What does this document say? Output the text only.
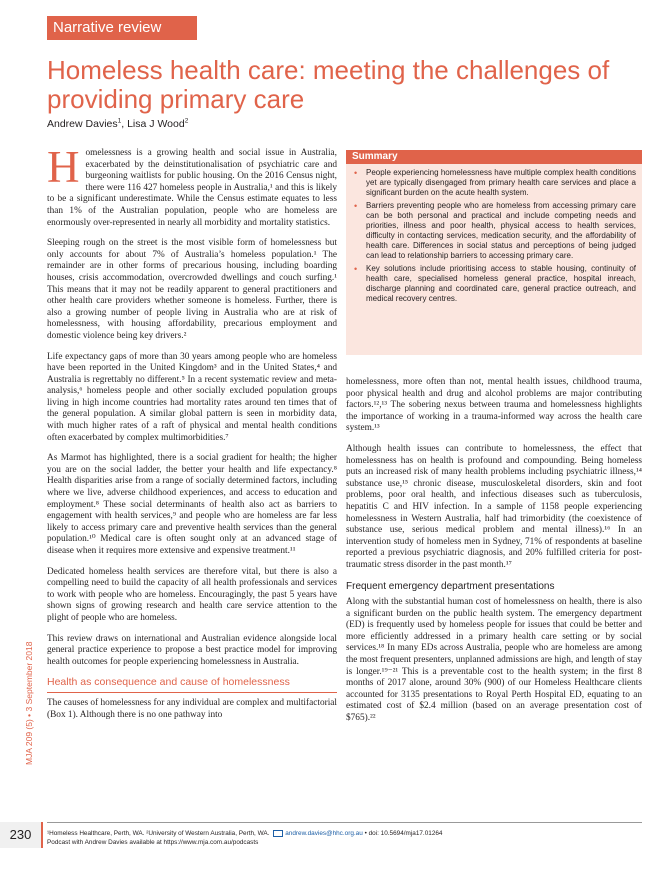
Narrative review
Homeless health care: meeting the challenges of providing primary care
Andrew Davies$^1$, Lisa J Wood$^2$

Homelessness is a growing health and social issue in Australia, exacerbated by the deinstitutionalisation of psychiatric care and burgeoning waitlists for public housing. On the 2016 Census night, there were 116 427 homeless people in Australia,¹ and this is likely to be a significant underestimate. While the Census estimate equates to less than 1% of the Australian population, people who are homeless are enormously over-represented in nearly all morbidity and mortality statistics.

Sleeping rough on the street is the most visible form of homelessness but only accounts for about 7% of Australia’s homeless population.¹ The remainder are in other forms of precarious housing, including boarding houses, crisis accommodation, overcrowded dwellings and couch surfing.¹ This means that it may not be readily apparent to general practitioners and other health care providers whether someone is homeless. Further, there is also a growing number of people living in Australia who are at risk of homelessness, with housing affordability, precarious employment and domestic violence being key drivers.²

Life expectancy gaps of more than 30 years among people who are homeless have been reported in the United Kingdom³ and in the United States,⁴ and Australia is regrettably no different.⁵ In a recent systematic review and meta-analysis,⁶ homeless people and other socially excluded population groups living in high income countries had mortality rates around ten times that of the general population. A similar global pattern is seen in morbidity data, with much higher rates of a raft of physical and mental health conditions often exacerbated by complex multimorbidities.⁷

As Marmot has highlighted, there is a social gradient for health; the higher you are on the social ladder, the better your health and life expectancy.⁸ Health disparities arise from a range of socially determined factors, including where we live, adverse childhood experiences, and access to education and employment.⁸ These social determinants of health also act as barriers to engagement with health services,⁹ and people who are homeless are far less likely to access primary care and preventive health services than the general population.¹⁰ Medical care is often sought only at an advanced stage of disease when it requires more extensive and expensive treatment.¹¹

Dedicated homeless health services are therefore vital, but there is also a compelling need to build the capacity of all health professionals and services to work with people who are homeless. Encouragingly, the past 5 years have shown signs of growing research and health care service attention to the plight of people who are homeless.

This review draws on international and Australian evidence alongside local general practice experience to propose a best practice model for improving health outcomes for people experiencing homelessness in Australia.

Health as consequence and cause of homelessness

The causes of homelessness for any individual are complex and multifactorial (Box 1). Although there is no one pathway into

Summary
• People experiencing homelessness have multiple complex health conditions yet are typically disengaged from primary health care services and place a significant burden on the acute health system.
• Barriers preventing people who are homeless from accessing primary care can be both personal and practical and include competing needs and priorities, illness and poor health, physical access to health services, difficulty in contacting services, medication security, and the affordability of health care. Differences in social status and perceptions of being judged can lead to relationship barriers to accessing primary care.
• Key solutions include prioritising access to stable housing, continuity of health care, specialised homeless general practice, hospital inreach, discharge planning and coordinated care, general practice outreach, and medical recovery centres.

homelessness, more often than not, mental health issues, childhood trauma, poor physical health and drug and alcohol problems are major contributing factors.¹²,¹³ The sobering nexus between trauma and homelessness highlights the importance of working in a trauma-informed way across the health care system.¹³

Although health issues can contribute to homelessness, the effect that homelessness has on health is profound and compounding. Being homeless puts an increased risk of many health problems including psychiatric illness,¹⁴ substance use,¹⁵ chronic disease, musculoskeletal disorders, skin and foot problems, poor oral health, and infectious diseases such as tuberculosis, hepatitis C and HIV infection. In a sample of 1158 people experiencing homelessness in Western Australia, half had trimorbidity (the coexistence of substance use, serious medical problem and mental illness).¹⁶ In an intervention study of homeless men in Sydney, 71% of respondents at baseline reported a previous psychiatric diagnosis, and 20% fulfilled criteria for post-traumatic stress disorder in the past month.¹⁷

Frequent emergency department presentations

Along with the substantial human cost of homelessness on health, there is also a significant burden on the public health system. The emergency department (ED) is frequently used by homeless people for issues that could be better and more efficiently addressed in a primary health care setting or by social services.¹⁸ In many EDs across Australia, people who are homeless are among the most frequent presenters, unplanned admissions are high, and length of stay is longer.¹⁹⁻²¹ This is a preventable cost to the health system; in the first 8 months of 2017 alone, around 30% (900) of our Homeless Healthcare clients accounted for 3135 presentations to Royal Perth Hospital ED, equating to an estimated cost of $2.4 million (based on an average presentation cost of $765).²²

MJA 209 (5) • 3 September 2018
230	¹Homeless Healthcare, Perth, WA. ²University of Western Australia, Perth, WA. andrew.davies@hhc.org.au • doi: 10.5694/mja17.01264
Podcast with Andrew Davies available at https://www.mja.com.au/podcasts
